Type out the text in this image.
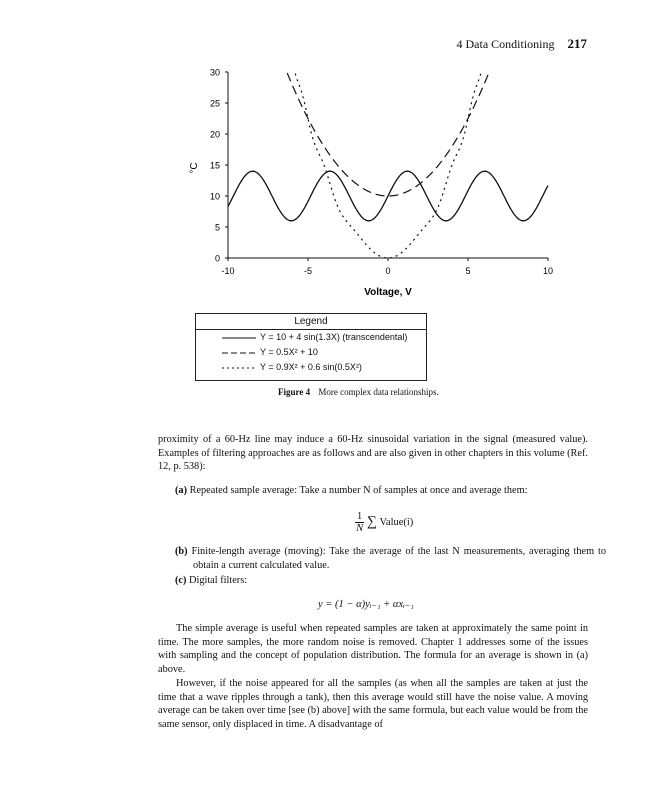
4 Data Conditioning 217
0
5
10
15
20
25
30
-10	-5	0	5	10
°C
Voltage, V
Legend
Y = 10 + 4 sin(1.3X) (transcendental)
Y = 0.5X² + 10
Y = 0.9X² + 0.6 sin(0.5X²)
Figure 4 More complex data relationships.
proximity of a 60-Hz line may induce a 60-Hz sinusoidal variation in the signal (measured value). Examples of filtering approaches are as follows and are also given in other chapters in this volume (Ref. 12, p. 538):
(a) Repeated sample average: Take a number N of samples at once and average them:
$\frac{1}{N}$ ∑ Value(i)
(b) Finite-length average (moving): Take the average of the last N measurements, averaging them to obtain a current calculated value.
(c) Digital filters:
y = (1 − α)yᵢ₋₁ + αxᵢ₋₁
The simple average is useful when repeated samples are taken at approximately the same point in time. The more samples, the more random noise is removed. Chapter 1 addresses some of the issues with sampling and the concept of population distribution. The formula for an average is shown in (a) above.
However, if the noise appeared for all the samples (as when all the samples are taken at just the time that a wave ripples through a tank), then this average would still have the noise value. A moving average can be taken over time [see (b) above] with the same formula, but each value would be from the same sensor, only displaced in time. A disadvantage of
